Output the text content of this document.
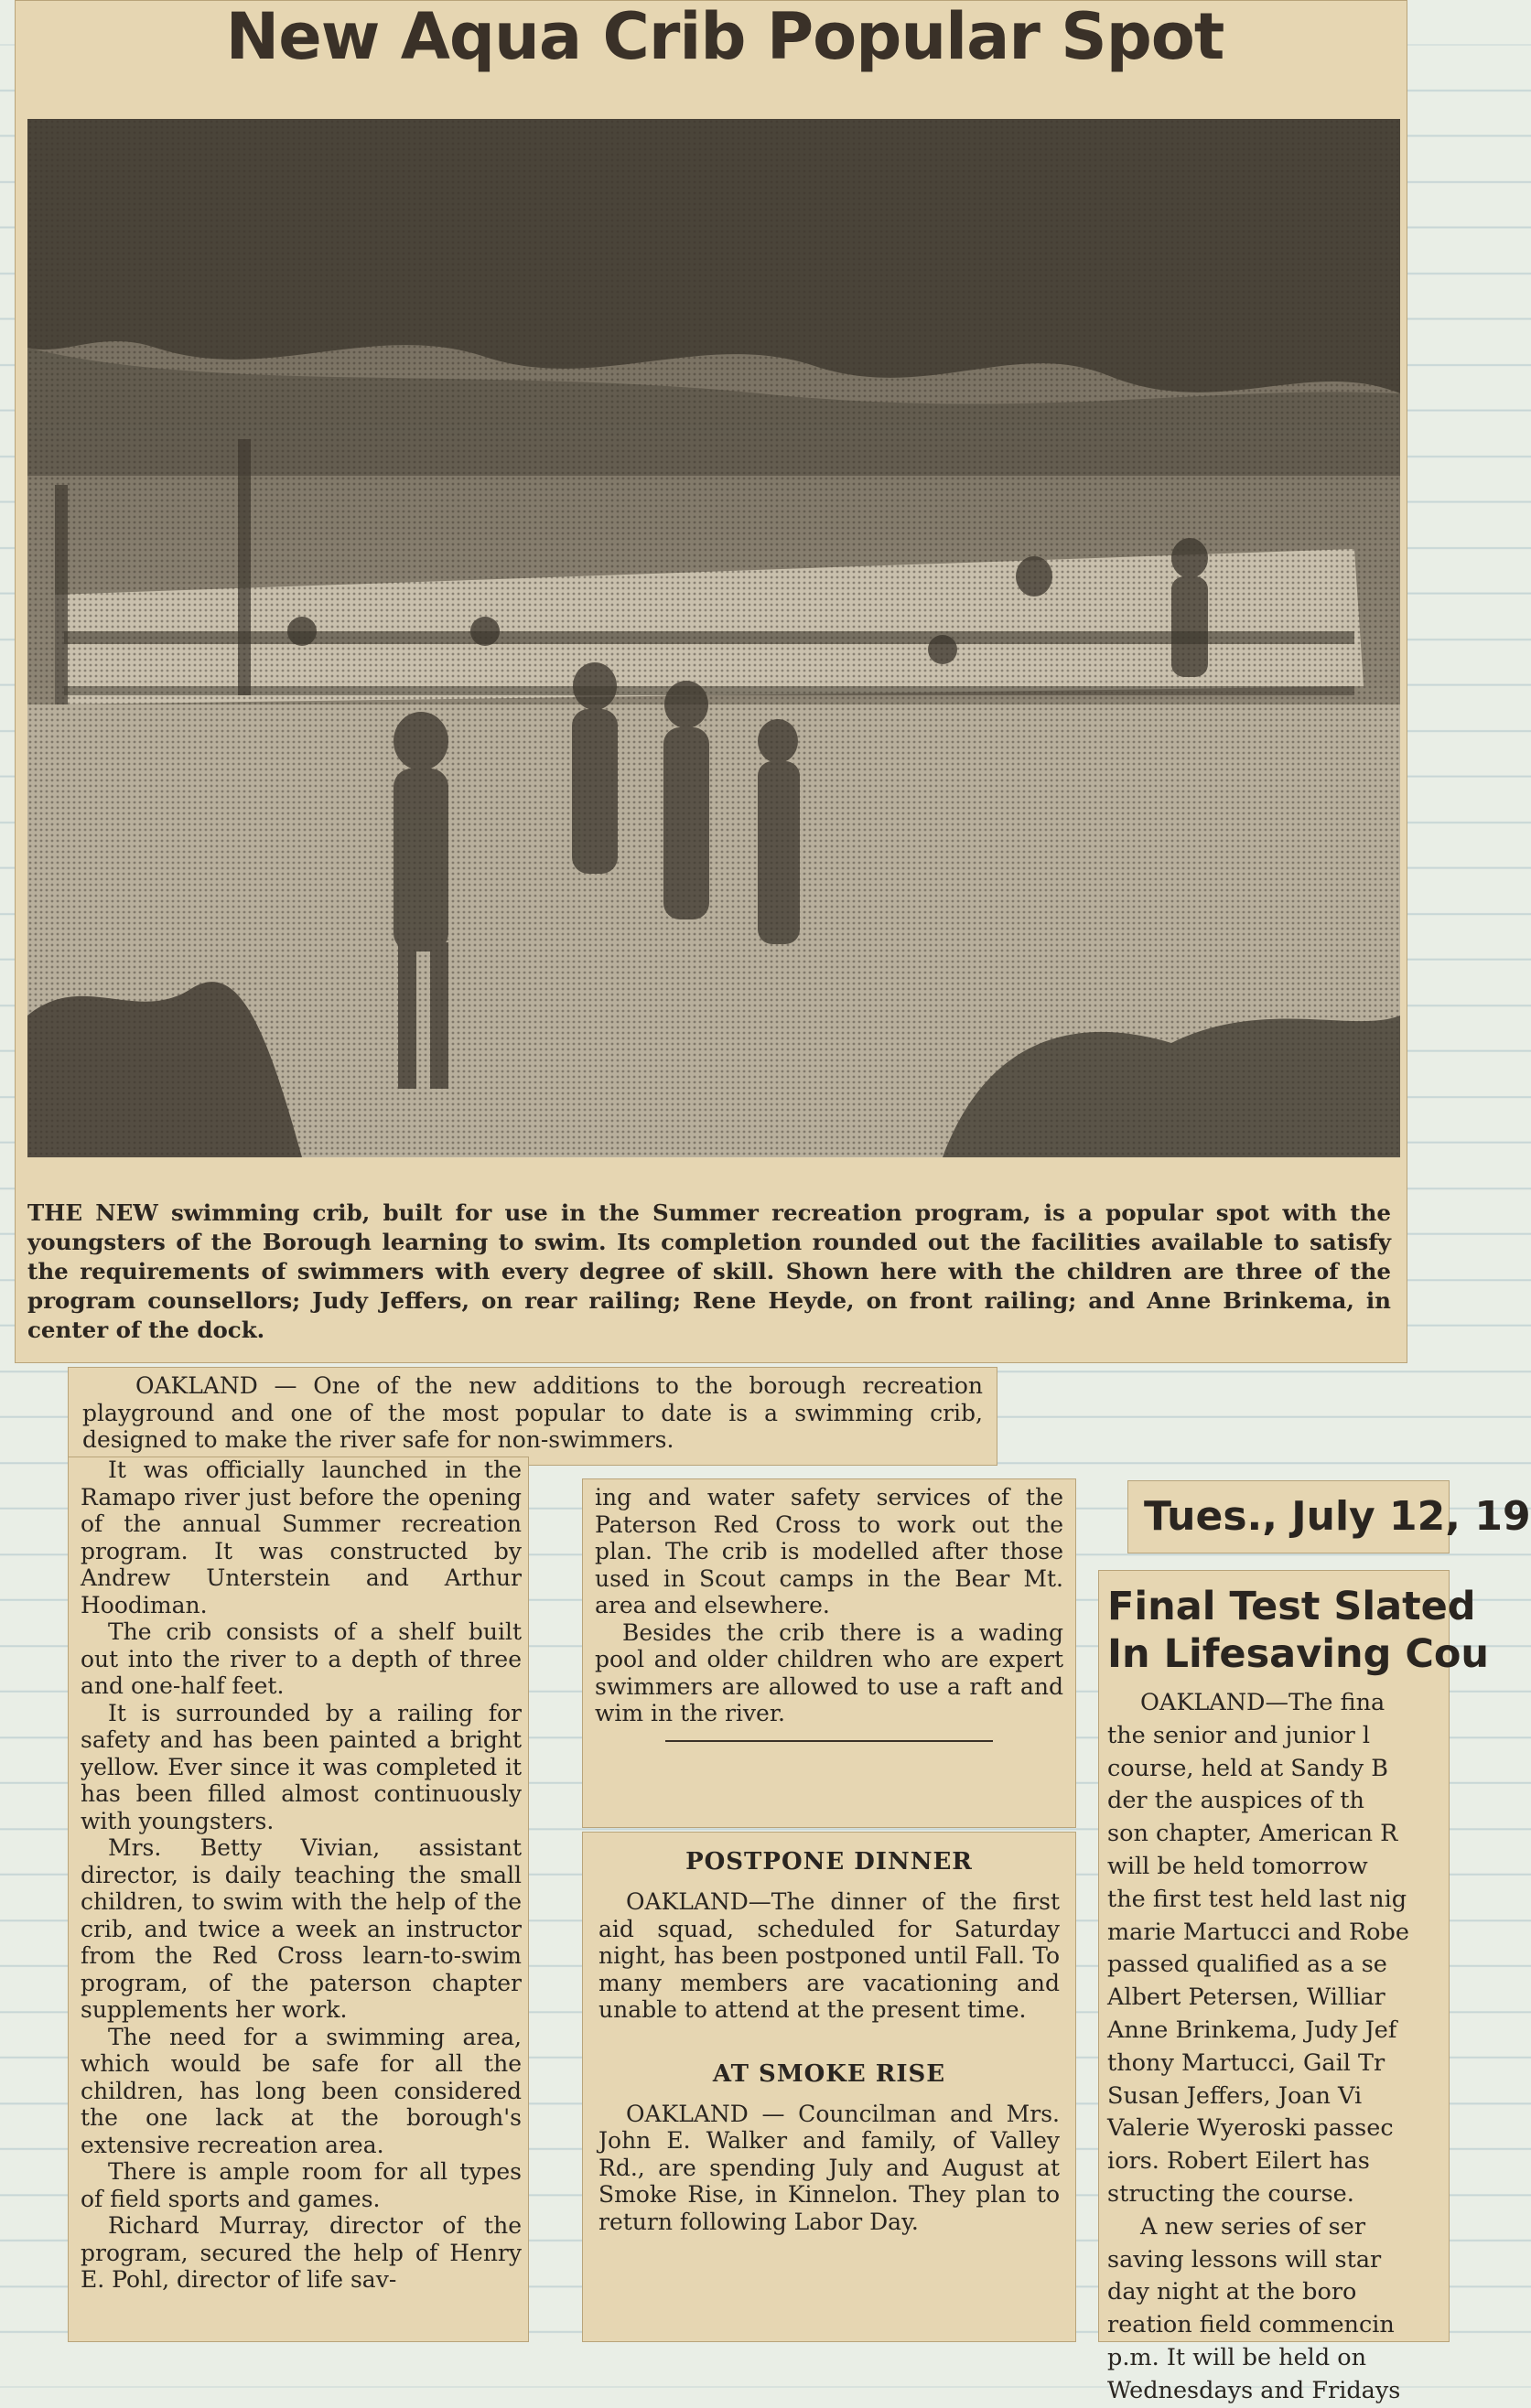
New Aqua Crib Popular Spot
THE NEW swimming crib, built for use in the Summer recreation program, is a popular spot with the youngsters of the Borough learning to swim. Its completion rounded out the facilities available to satisfy the requirements of swimmers with every degree of skill. Shown here with the children are three of the program counsellors; Judy Jeffers, on rear railing; Rene Heyde, on front railing; and Anne Brinkema, in center of the dock.

OAKLAND — One of the new additions to the borough recreation playground and one of the most popular to date is a swimming crib, designed to make the river safe for non-swimmers.

It was officially launched in the Ramapo river just before the opening of the annual Summer recreation program. It was constructed by Andrew Unterstein and Arthur Hoodiman.

The crib consists of a shelf built out into the river to a depth of three and one-half feet.

It is surrounded by a railing for safety and has been painted a bright yellow. Ever since it was completed it has been filled almost continuously with youngsters.

Mrs. Betty Vivian, assistant director, is daily teaching the small children, to swim with the help of the crib, and twice a week an instructor from the Red Cross learn-to-swim program, of the paterson chapter supplements her work.

The need for a swimming area, which would be safe for all the children, has long been considered the one lack at the borough's extensive recreation area.

There is ample room for all types of field sports and games.

Richard Murray, director of the program, secured the help of Henry E. Pohl, director of life sav-

ing and water safety services of the Paterson Red Cross to work out the plan. The crib is modelled after those used in Scout camps in the Bear Mt. area and elsewhere.

Besides the crib there is a wading pool and older children who are expert swimmers are allowed to use a raft and wim in the river.

POSTPONE DINNER

OAKLAND—The dinner of the first aid squad, scheduled for Saturday night, has been postponed until Fall. To many members are vacationing and unable to attend at the present time.

AT SMOKE RISE

OAKLAND — Councilman and Mrs. John E. Walker and family, of Valley Rd., are spending July and August at Smoke Rise, in Kinnelon. They plan to return following Labor Day.

Tues., July 12, 19
Final Test Slated
In Lifesaving Cou
OAKLAND—The fina
the senior and junior l
course, held at Sandy B
der the auspices of th
son chapter, American R
will be held tomorrow
the first test held last nig
marie Martucci and Robe
passed qualified as a se
Albert Petersen, Williar
Anne Brinkema, Judy Jef
thony Martucci, Gail Tr
Susan Jeffers, Joan Vi
Valerie Wyeroski passec
iors. Robert Eilert has
structing the course.
A new series of ser
saving lessons will star
day night at the boro
reation field commencin
p.m. It will be held on
Wednesdays and Fridays
